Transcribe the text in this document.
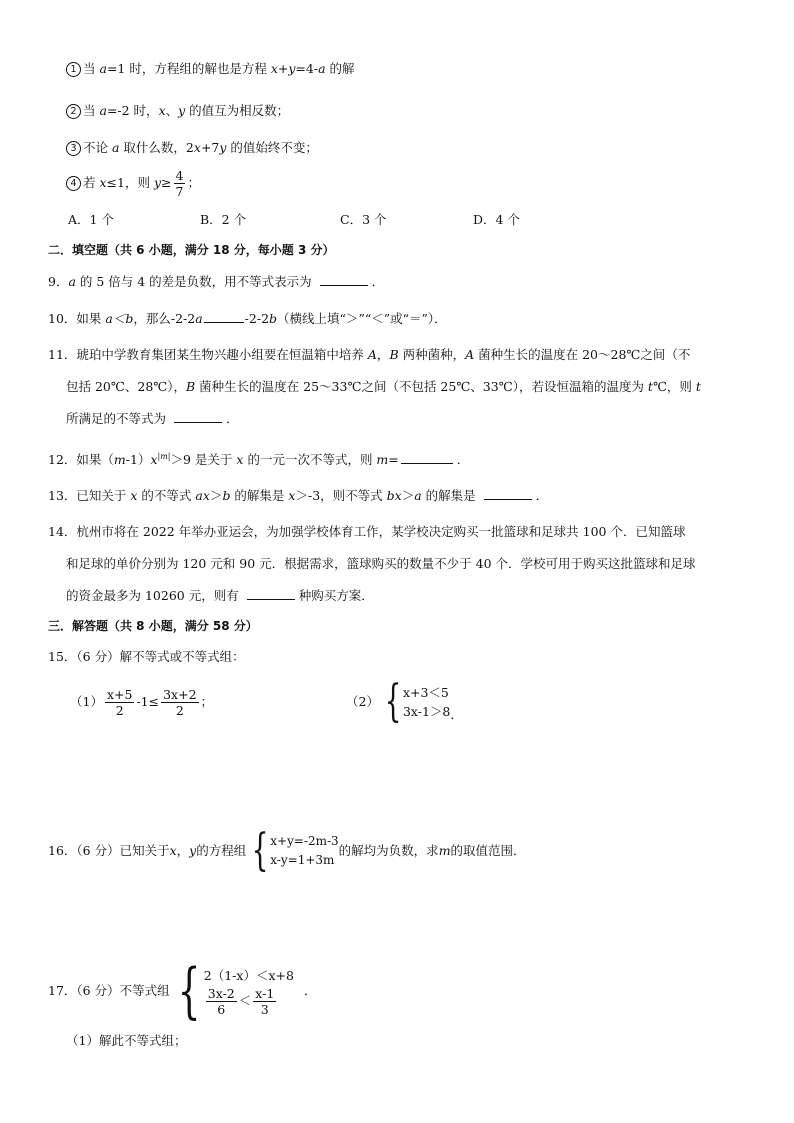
1 当 a=1 时，方程组的解也是方程 x+y=4-a 的解
2 当 a=-2 时，x、y 的值互为相反数；
3 不论 a 取什么数，2x+7y 的值始终不变；
4 若 x≤1，则 $y\ge \frac{4}{7}$ ；
A．1 个	B．2 个	C．3 个	D．4 个
二．填空题（共 6 小题，满分 18 分，每小题 3 分）
9．a 的 5 倍与 4 的差是负数，用不等式表示为	．
10．如果 a＜b，那么-2-2a	-2-2b（横线上填“＞”“＜”或“＝”）．
11．琥珀中学教育集团某生物兴趣小组要在恒温箱中培养 A，B 两种菌种，A 菌种生长的温度在 20～28℃之间（不
包括 20℃、28℃），B 菌种生长的温度在 25～33℃之间（不包括 25℃、33℃），若设恒温箱的温度为 t℃，则 t
所满足的不等式为	．
12．如果$(m-1)x^{|m|}>9$ 是关于 x 的一元一次不等式，则 m=	．
13．已知关于 x 的不等式 ax＞b 的解集是 x＞-3，则不等式 bx＞a 的解集是	．
14．杭州市将在 2022 年举办亚运会，为加强学校体育工作，某学校决定购买一批篮球和足球共 100 个．已知篮球
和足球的单价分别为 120 元和 90 元．根据需求，篮球购买的数量不少于 40 个．学校可用于购买这批篮球和足球
的资金最多为 10260 元，则有	种购买方案．
三．解答题（共 8 小题，满分 58 分）
15．（6 分）解不等式或不等式组：
$(1) \frac{x+5}{2} -1\le \frac{3x+2}{2}$ ；	（2） { x+3＜5
3x-1＞8 ．
16．（6 分）已知关于 x ， y 的方程组 { x+y=-2m-3
x-y=1+3m
的解均为负数，求 m 的取值范围．
17．（6 分）不等式组 { 2（1-x）＜x+8
$\frac{3x-2}{6} < \frac{x-1}{3}$ ．
（1）解此不等式组；
